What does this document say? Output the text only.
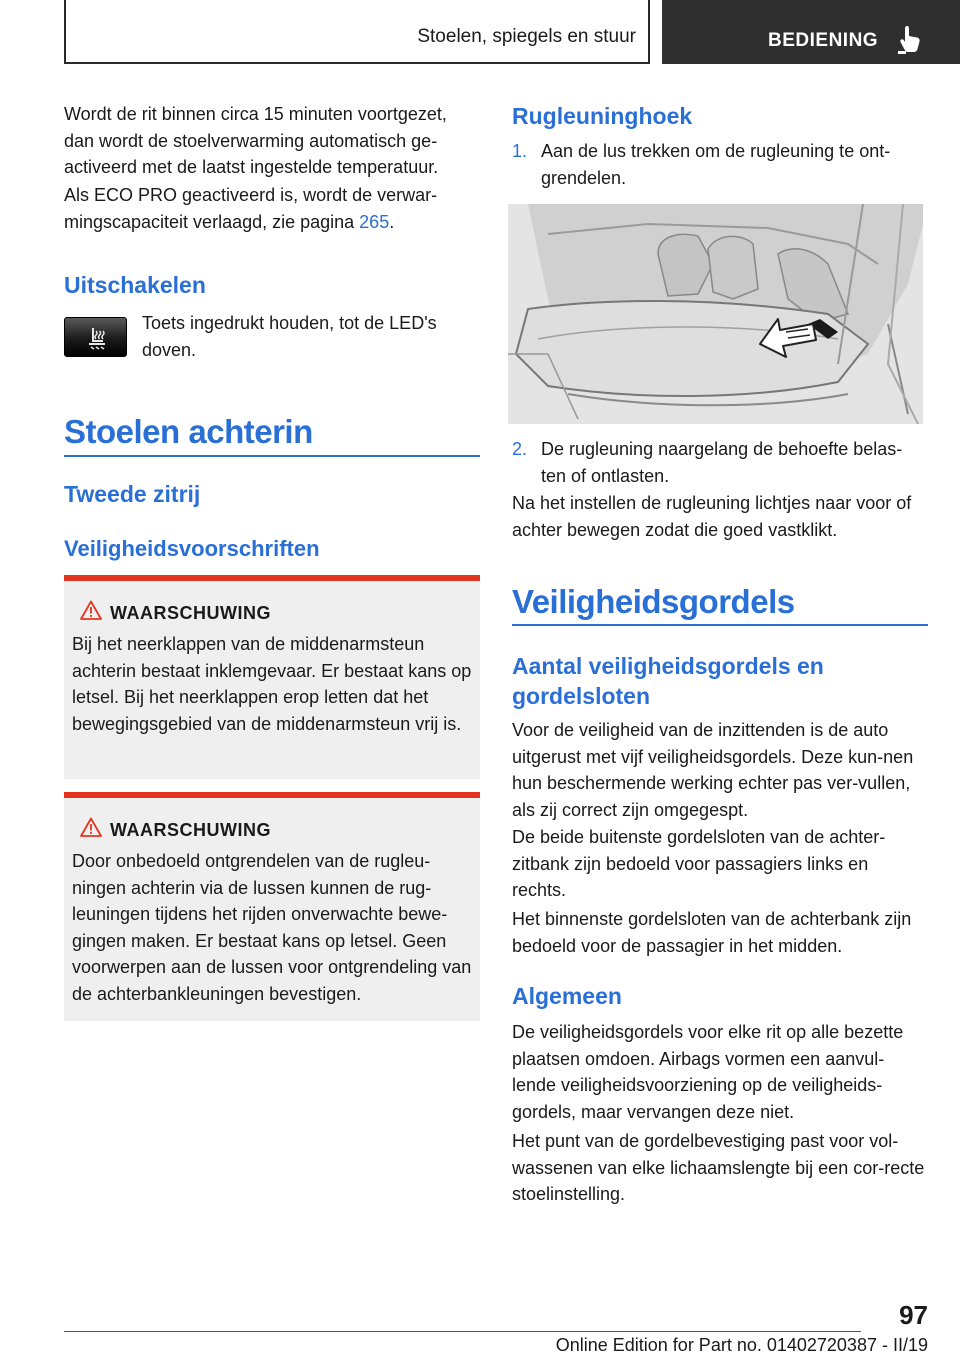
Stoelen, spiegels en stuur	BEDIENING

Wordt de rit binnen circa 15 minuten voortgezet, dan wordt de stoelverwarming automatisch ge-activeerd met de laatst ingestelde temperatuur.

Als ECO PRO geactiveerd is, wordt de verwar-mingscapaciteit verlaagd, zie pagina 265.

Uitschakelen

Toets ingedrukt houden, tot de LED's doven.

Stoelen achterin
Tweede zitrij
Veiligheidsvoorschriften
WAARSCHUWING

Bij het neerklappen van de middenarmsteun achterin bestaat inklemgevaar. Er bestaat kans op letsel. Bij het neerklappen erop letten dat het bewegingsgebied van de middenarmsteun vrij is.

WAARSCHUWING

Door onbedoeld ontgrendelen van de rugleu-ningen achterin via de lussen kunnen de rug-leuningen tijdens het rijden onverwachte bewe-gingen maken. Er bestaat kans op letsel. Geen voorwerpen aan de lussen voor ontgrendeling van de achterbankleuningen bevestigen.

Rugleuninghoek
1. Aan de lus trekken om de rugleuning te ont-grendelen.

2. De rugleuning naargelang de behoefte belas-ten of ontlasten.

Na het instellen de rugleuning lichtjes naar voor of achter bewegen zodat die goed vastklikt.

Veiligheidsgordels
Aantal veiligheidsgordels en gordelsloten

Voor de veiligheid van de inzittenden is de auto uitgerust met vijf veiligheidsgordels. Deze kun-nen hun beschermende werking echter pas ver-vullen, als zij correct zijn omgegespt.

De beide buitenste gordelsloten van de achter-zitbank zijn bedoeld voor passagiers links en rechts.

Het binnenste gordelsloten van de achterbank zijn bedoeld voor de passagier in het midden.

Algemeen

De veiligheidsgordels voor elke rit op alle bezette plaatsen omdoen. Airbags vormen een aanvul-lende veiligheidsvoorziening op de veiligheids-gordels, maar vervangen deze niet.

Het punt van de gordelbevestiging past voor vol-wassenen van elke lichaamslengte bij een cor-recte stoelinstelling.

97
Online Edition for Part no. 01402720387 - II/19
